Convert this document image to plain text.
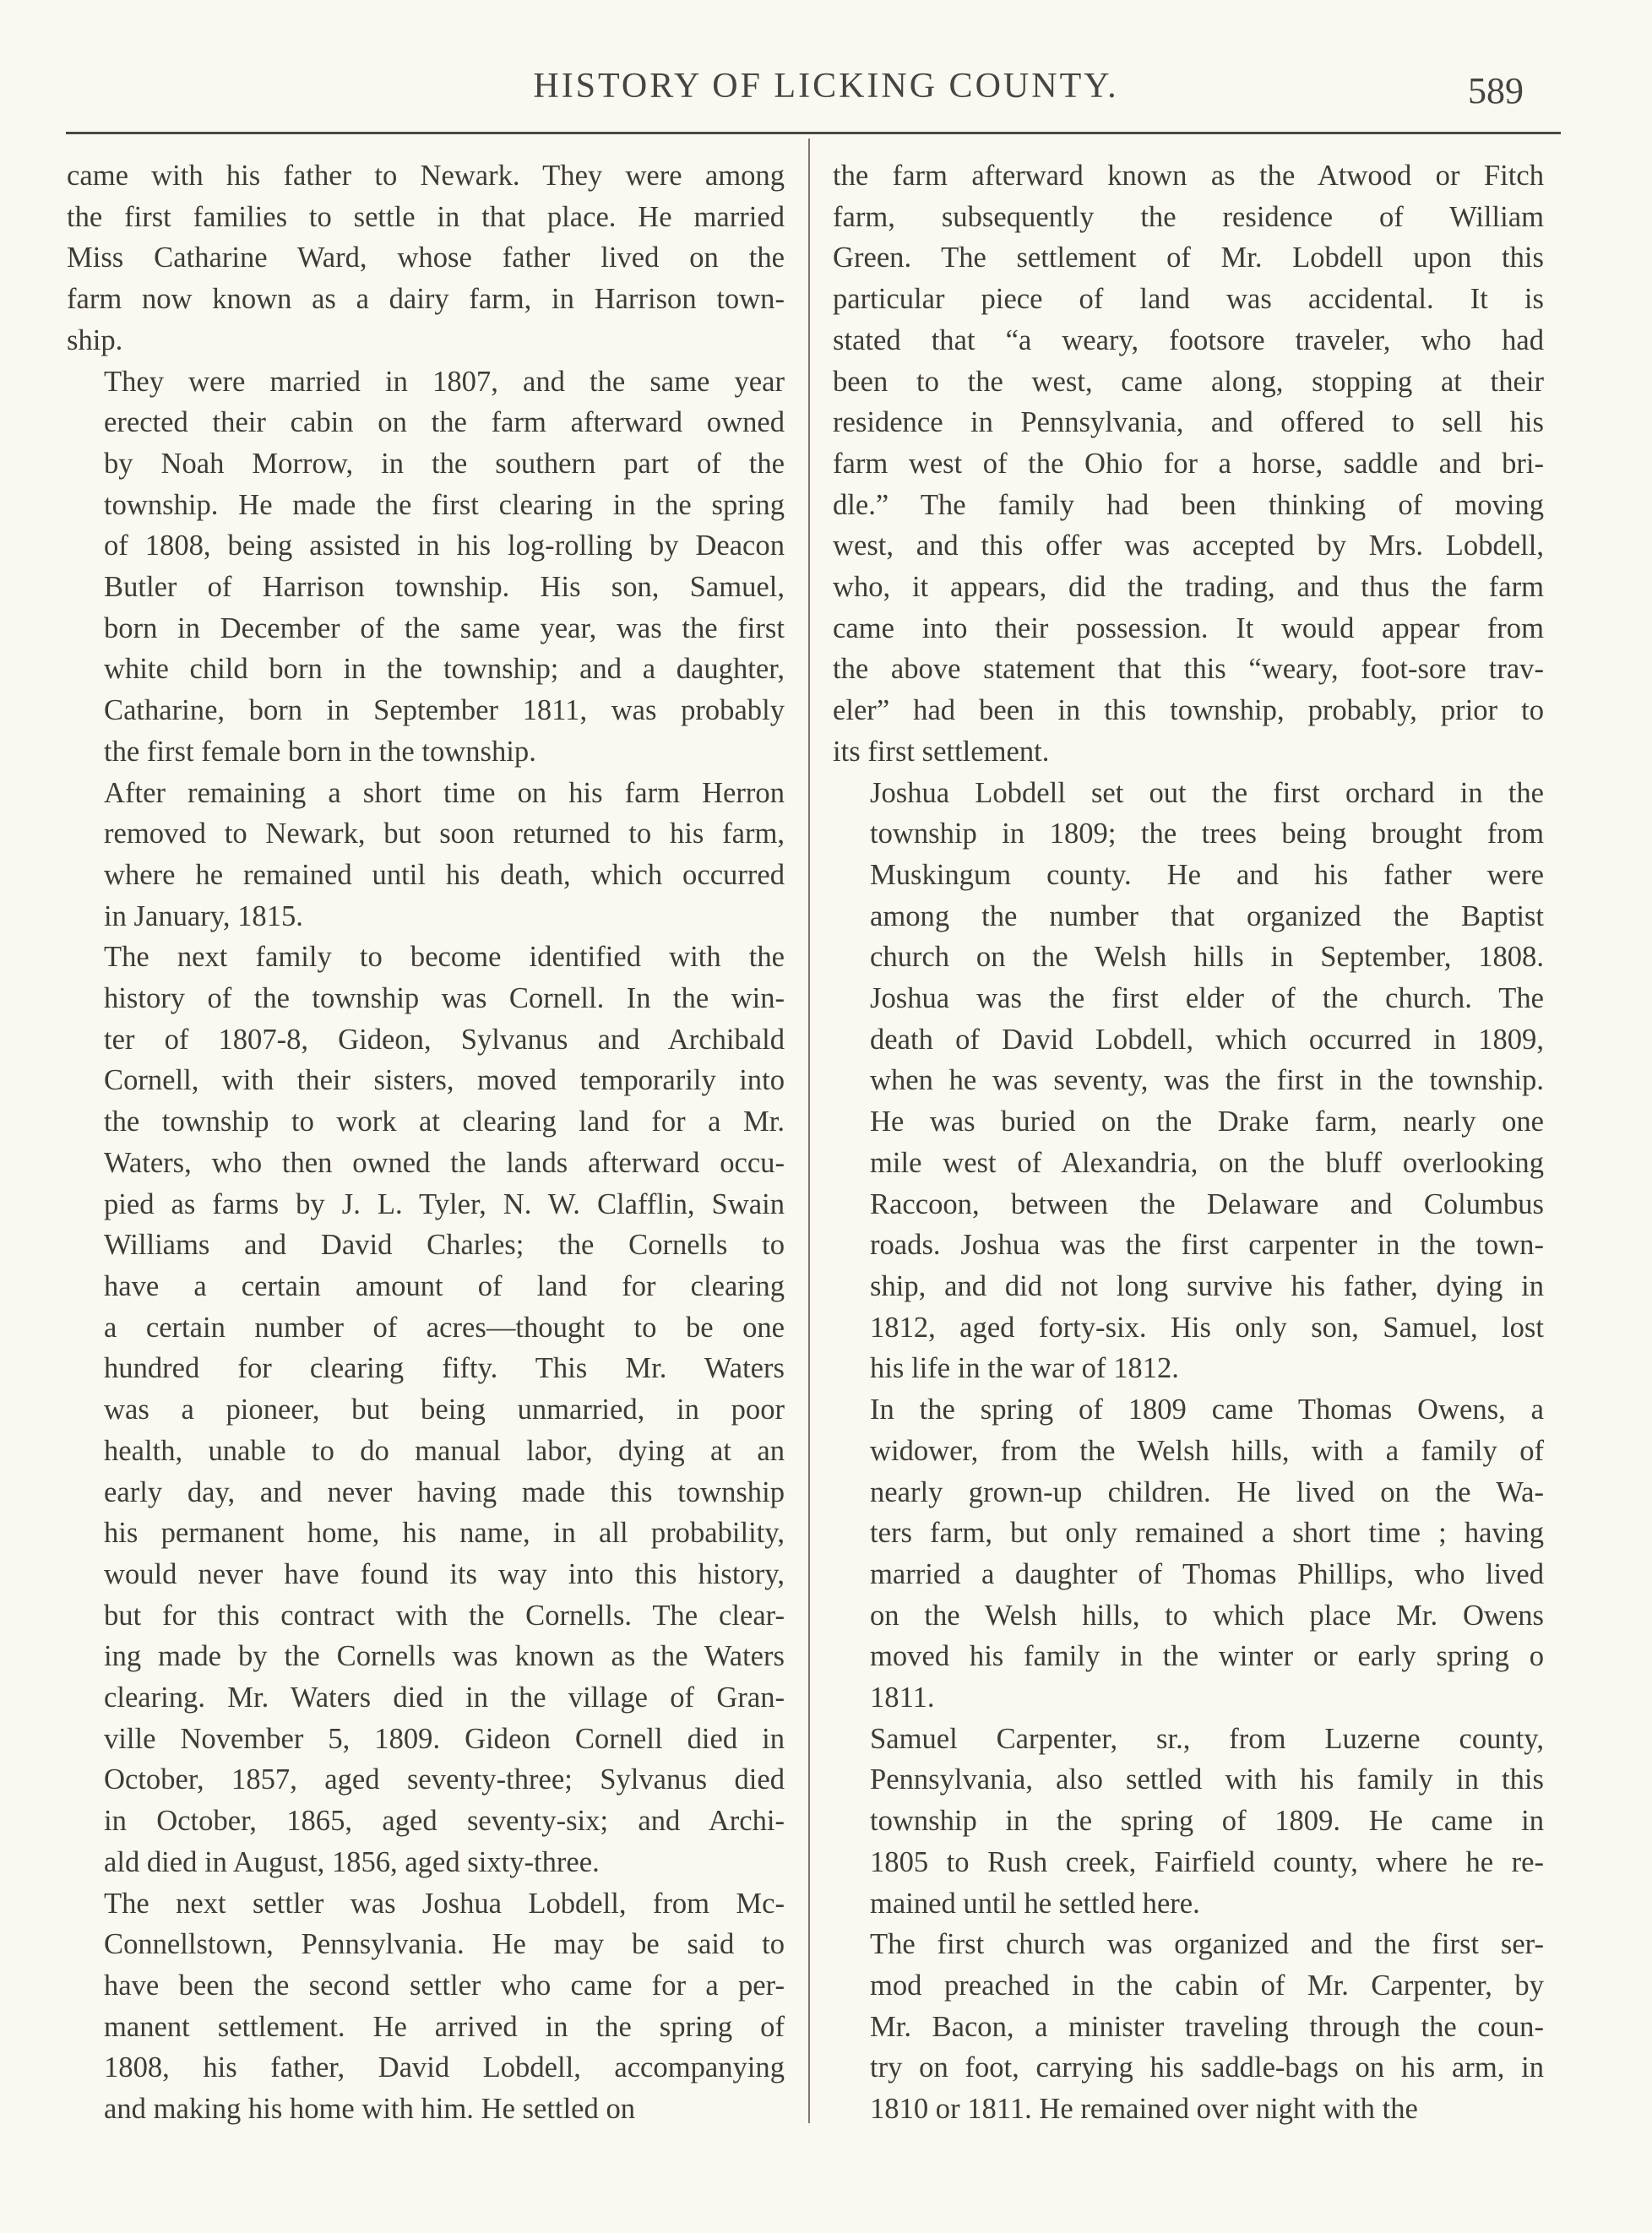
HISTORY OF LICKING COUNTY.	589

came with his father to Newark. They were among
the first families to settle in that place. He married
Miss Catharine Ward, whose father lived on the
farm now known as a dairy farm, in Harrison town-
ship.

They were married in 1807, and the same year
erected their cabin on the farm afterward owned
by Noah Morrow, in the southern part of the
township. He made the first clearing in the spring
of 1808, being assisted in his log-rolling by Deacon
Butler of Harrison township. His son, Samuel,
born in December of the same year, was the first
white child born in the township; and a daughter,
Catharine, born in September 1811, was probably
the first female born in the township.

After remaining a short time on his farm Herron
removed to Newark, but soon returned to his farm,
where he remained until his death, which occurred
in January, 1815.

The next family to become identified with the
history of the township was Cornell. In the win-
ter of 1807-8, Gideon, Sylvanus and Archibald
Cornell, with their sisters, moved temporarily into
the township to work at clearing land for a Mr.
Waters, who then owned the lands afterward occu-
pied as farms by J. L. Tyler, N. W. Clafflin, Swain
Williams and David Charles; the Cornells to
have a certain amount of land for clearing
a certain number of acres—thought to be one
hundred for clearing fifty. This Mr. Waters
was a pioneer, but being unmarried, in poor
health, unable to do manual labor, dying at an
early day, and never having made this township
his permanent home, his name, in all probability,
would never have found its way into this history,
but for this contract with the Cornells. The clear-
ing made by the Cornells was known as the Waters
clearing. Mr. Waters died in the village of Gran-
ville November 5, 1809. Gideon Cornell died in
October, 1857, aged seventy-three; Sylvanus died
in October, 1865, aged seventy-six; and Archi-
ald died in August, 1856, aged sixty-three.

The next settler was Joshua Lobdell, from Mc-
Connellstown, Pennsylvania. He may be said to
have been the second settler who came for a per-
manent settlement. He arrived in the spring of
1808, his father, David Lobdell, accompanying
and making his home with him. He settled on

the farm afterward known as the Atwood or Fitch
farm, subsequently the residence of William
Green. The settlement of Mr. Lobdell upon this
particular piece of land was accidental. It is
stated that “a weary, footsore traveler, who had
been to the west, came along, stopping at their
residence in Pennsylvania, and offered to sell his
farm west of the Ohio for a horse, saddle and bri-
dle.” The family had been thinking of moving
west, and this offer was accepted by Mrs. Lobdell,
who, it appears, did the trading, and thus the farm
came into their possession. It would appear from
the above statement that this “weary, foot-sore trav-
eler” had been in this township, probably, prior to
its first settlement.

Joshua Lobdell set out the first orchard in the
township in 1809; the trees being brought from
Muskingum county. He and his father were
among the number that organized the Baptist
church on the Welsh hills in September, 1808.
Joshua was the first elder of the church. The
death of David Lobdell, which occurred in 1809,
when he was seventy, was the first in the township.
He was buried on the Drake farm, nearly one
mile west of Alexandria, on the bluff overlooking
Raccoon, between the Delaware and Columbus
roads. Joshua was the first carpenter in the town-
ship, and did not long survive his father, dying in
1812, aged forty-six. His only son, Samuel, lost
his life in the war of 1812.

In the spring of 1809 came Thomas Owens, a
widower, from the Welsh hills, with a family of
nearly grown-up children. He lived on the Wa-
ters farm, but only remained a short time ; having
married a daughter of Thomas Phillips, who lived
on the Welsh hills, to which place Mr. Owens
moved his family in the winter or early spring o
1811.

Samuel Carpenter, sr., from Luzerne county,
Pennsylvania, also settled with his family in this
township in the spring of 1809. He came in
1805 to Rush creek, Fairfield county, where he re-
mained until he settled here.

The first church was organized and the first ser-
mod preached in the cabin of Mr. Carpenter, by
Mr. Bacon, a minister traveling through the coun-
try on foot, carrying his saddle-bags on his arm, in
1810 or 1811. He remained over night with the
